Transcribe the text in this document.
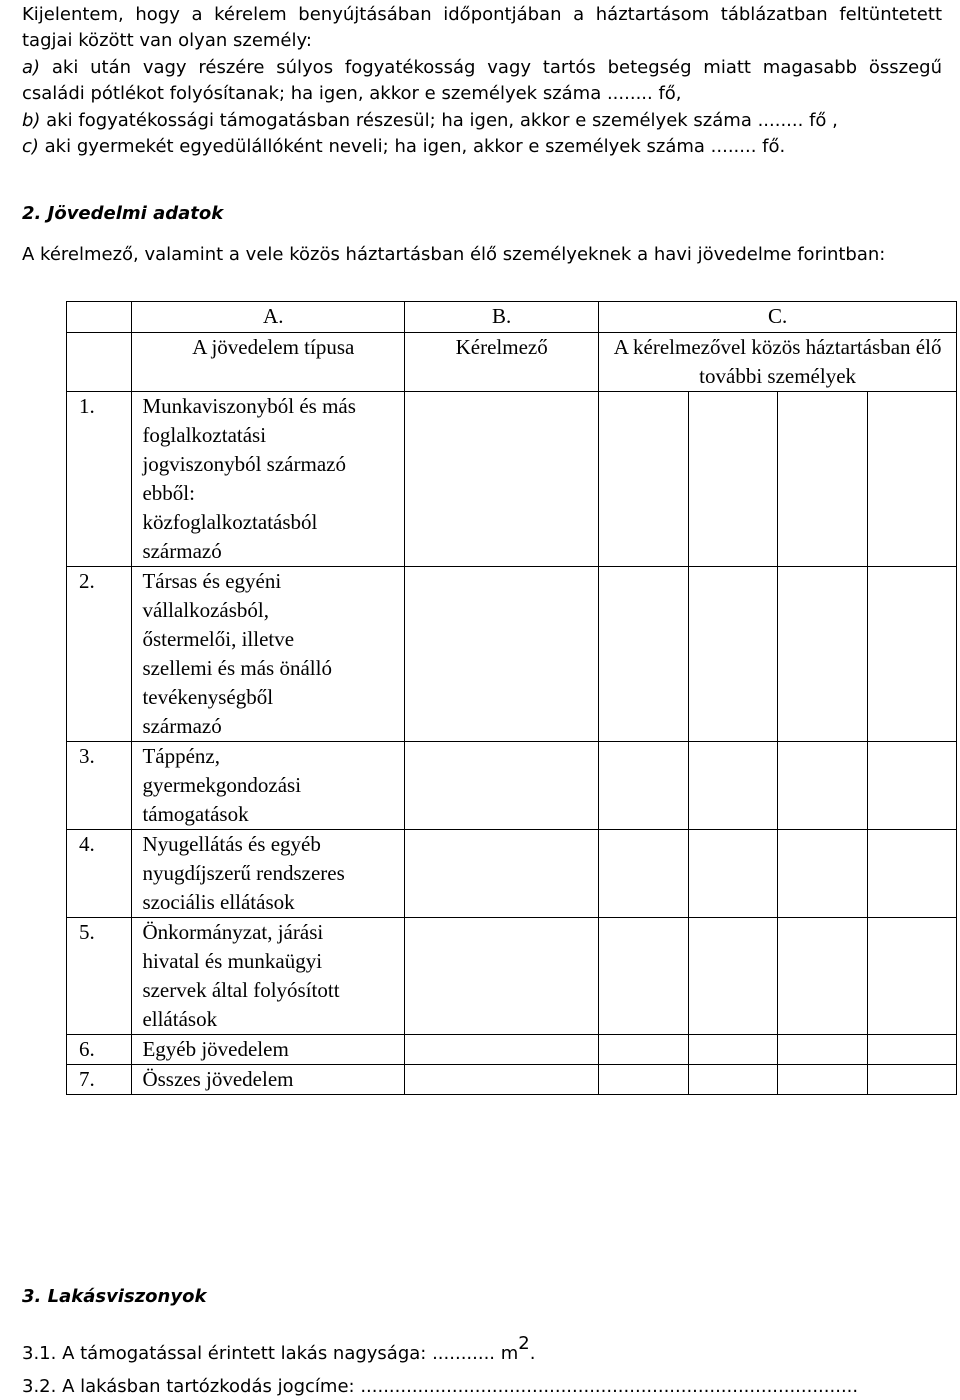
Kijelentem, hogy a kérelem benyújtásában időpontjában a háztartásom táblázatban feltüntetett
tagjai között van olyan személy:
a) aki után vagy részére súlyos fogyatékosság vagy tartós betegség miatt magasabb összegű
családi pótlékot folyósítanak; ha igen, akkor e személyek száma ........ fő,
b) aki fogyatékossági támogatásban részesül; ha igen, akkor e személyek száma ........ fő ,
c) aki gyermekét egyedülállóként neveli; ha igen, akkor e személyek száma ........ fő.
2. Jövedelmi adatok
A kérelmező, valamint a vele közös háztartásban élő személyeknek a havi jövedelme forintban:
	A.	B.	C.			
	A jövedelem típusa	Kérelmező	A kérelmezővel közös háztartásban élő további személyek			
1.	Munkaviszonyból és más foglalkoztatási jogviszonyból származó ebből: közfoglalkoztatásból származó					

2.	Társas és egyéni vállalkozásból, őstermelői, illetve szellemi és más önálló tevékenységből származó					

3.	Táppénz, gyermekgondozási támogatások					

4.	Nyugellátás és egyéb nyugdíjszerű rendszeres szociális ellátások					

5.	Önkormányzat, járási hivatal és munkaügyi szervek által folyósított ellátások					

6.	Egyéb jövedelem					

7.	Összes jövedelem					

3. Lakásviszonyok
3.1. A támogatással érintett lakás nagysága: ........... $m^2$.
3.2. A lakásban tartózkodás jogcíme: .......................................................................................
